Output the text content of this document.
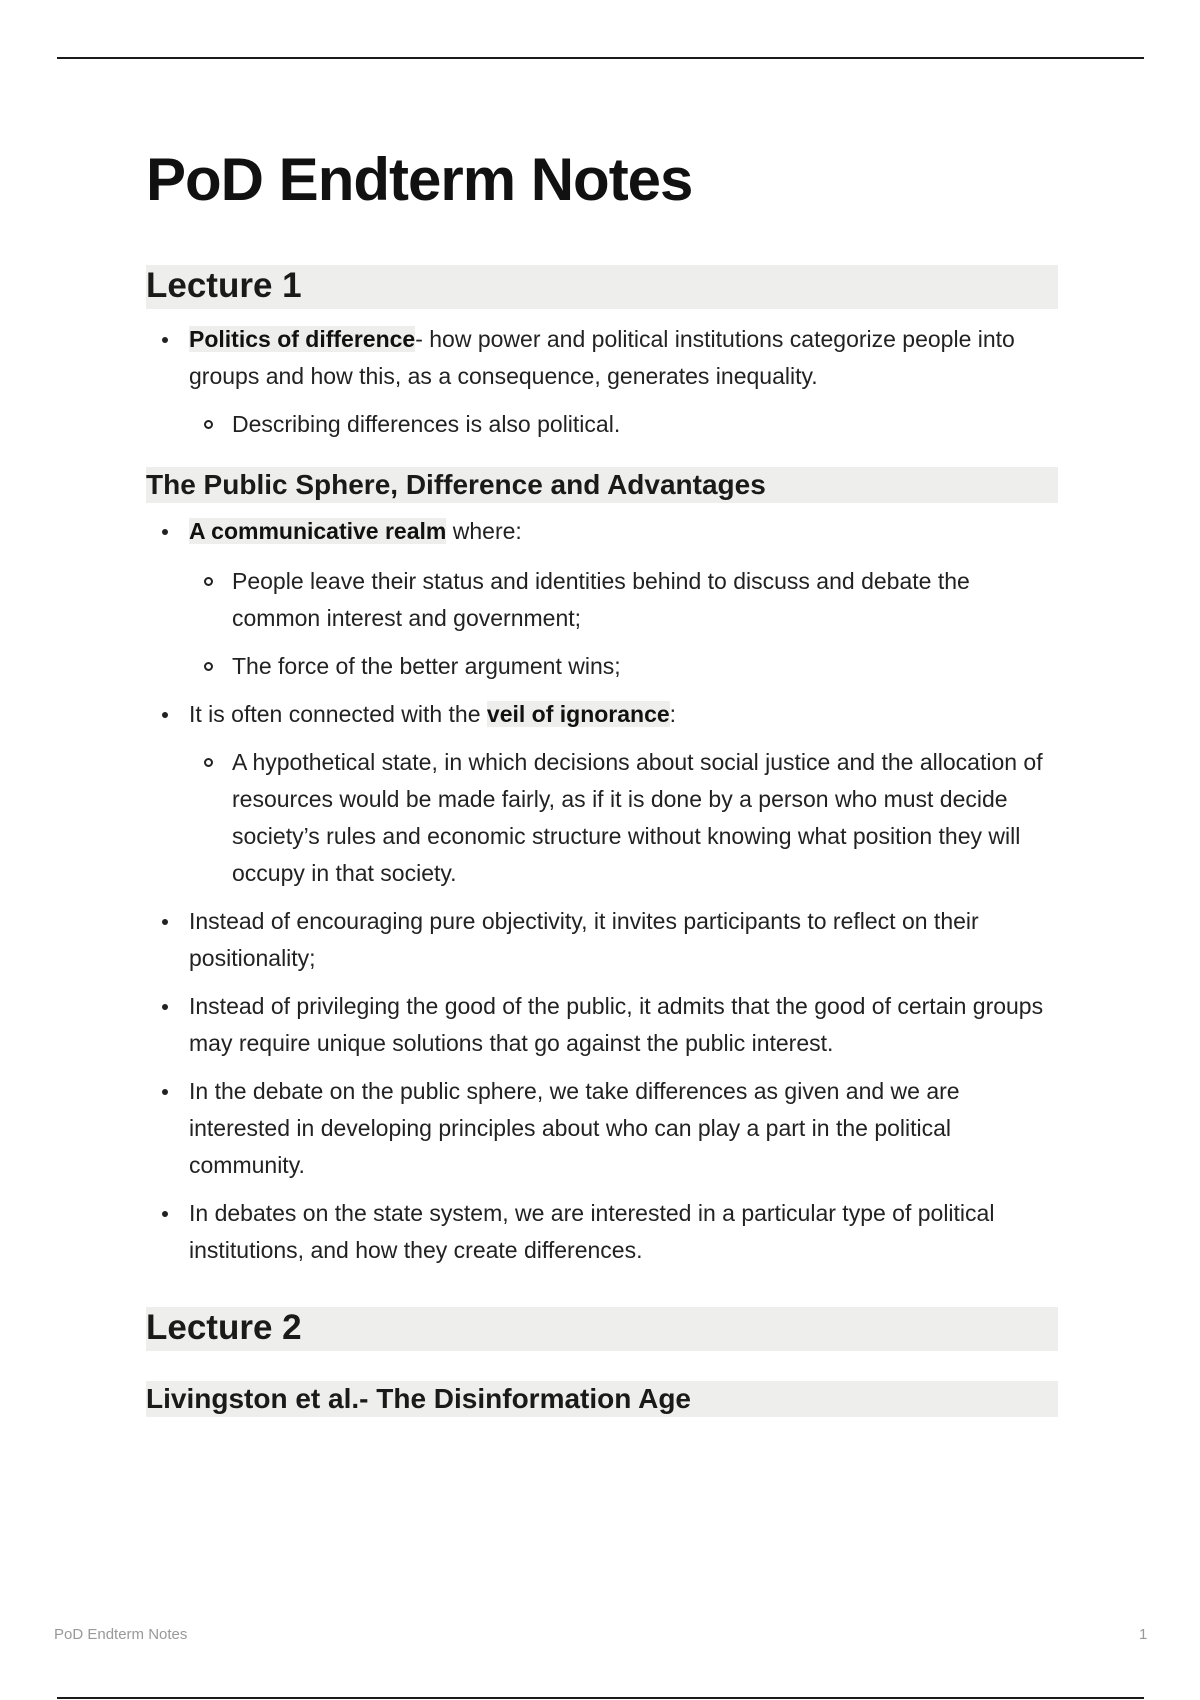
PoD Endterm Notes
Lecture 1
Politics of difference- how power and political institutions categorize people into groups and how this, as a consequence, generates inequality.
Describing differences is also political.
The Public Sphere, Difference and Advantages
A communicative realm where:
People leave their status and identities behind to discuss and debate the common interest and government;
The force of the better argument wins;
It is often connected with the veil of ignorance:
A hypothetical state, in which decisions about social justice and the allocation of resources would be made fairly, as if it is done by a person who must decide society’s rules and economic structure without knowing what position they will occupy in that society.
Instead of encouraging pure objectivity, it invites participants to reflect on their positionality;
Instead of privileging the good of the public, it admits that the good of certain groups may require unique solutions that go against the public interest.
In the debate on the public sphere, we take differences as given and we are interested in developing principles about who can play a part in the political community.
In debates on the state system, we are interested in a particular type of political institutions, and how they create differences.
Lecture 2
Livingston et al.- The Disinformation Age
PoD Endterm Notes	1
